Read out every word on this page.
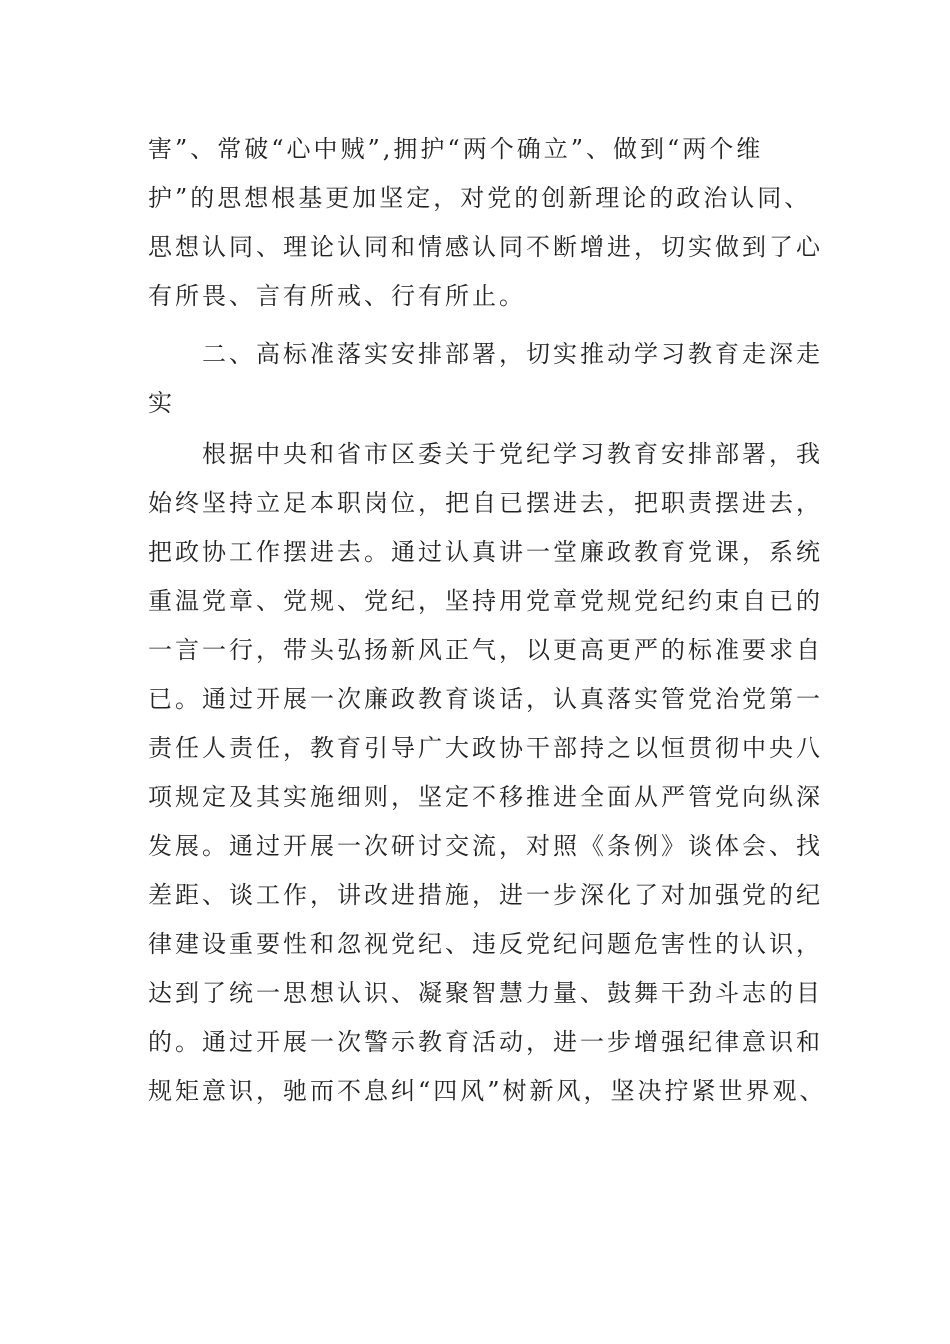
害”、常破“心中贼”,拥护“两个确立”、做到“两个维
护”的思想根基更加坚定，对党的创新理论的政治认同、
思想认同、理论认同和情感认同不断增进，切实做到了心
有所畏、言有所戒、行有所止。
二、高标准落实安排部署，切实推动学习教育走深走
实
根据中央和省市区委关于党纪学习教育安排部署，我
始终坚持立足本职岗位，把自已摆进去，把职责摆进去，
把政协工作摆进去。通过认真讲一堂廉政教育党课，系统
重温党章、党规、党纪，坚持用党章党规党纪约束自已的
一言一行，带头弘扬新风正气，以更高更严的标准要求自
已。通过开展一次廉政教育谈话，认真落实管党治党第一
责任人责任，教育引导广大政协干部持之以恒贯彻中央八
项规定及其实施细则，坚定不移推进全面从严管党向纵深
发展。通过开展一次研讨交流，对照《条例》谈体会、找
差距、谈工作，讲改进措施，进一步深化了对加强党的纪
律建设重要性和忽视党纪、违反党纪问题危害性的认识，
达到了统一思想认识、凝聚智慧力量、鼓舞干劲斗志的目
的。通过开展一次警示教育活动，进一步增强纪律意识和
规矩意识，驰而不息纠“四风”树新风，坚决拧紧世界观、
